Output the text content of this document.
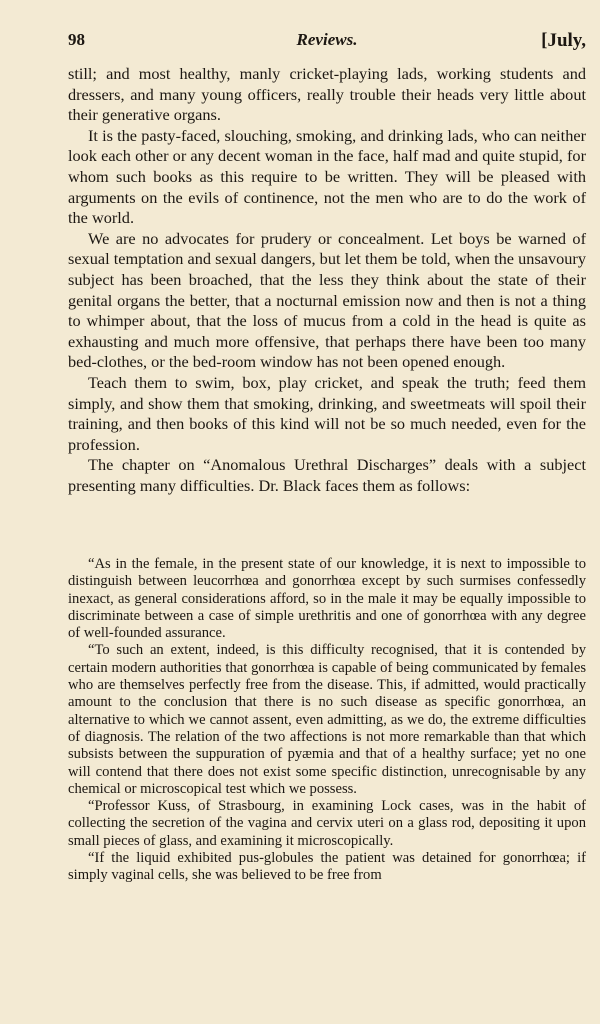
98	Reviews.	[July,

still; and most healthy, manly cricket-playing lads, working students and dressers, and many young officers, really trouble their heads very little about their generative organs.

It is the pasty-faced, slouching, smoking, and drinking lads, who can neither look each other or any decent woman in the face, half mad and quite stupid, for whom such books as this require to be written. They will be pleased with arguments on the evils of continence, not the men who are to do the work of the world.

We are no advocates for prudery or concealment. Let boys be warned of sexual temptation and sexual dangers, but let them be told, when the unsavoury subject has been broached, that the less they think about the state of their genital organs the better, that a nocturnal emission now and then is not a thing to whimper about, that the loss of mucus from a cold in the head is quite as exhausting and much more offensive, that perhaps there have been too many bed-clothes, or the bed-room window has not been opened enough.

Teach them to swim, box, play cricket, and speak the truth; feed them simply, and show them that smoking, drinking, and sweetmeats will spoil their training, and then books of this kind will not be so much needed, even for the profession.

The chapter on “Anomalous Urethral Discharges” deals with a subject presenting many difficulties. Dr. Black faces them as follows:

“As in the female, in the present state of our knowledge, it is next to impossible to distinguish between leucorrhœa and gonorrhœa except by such surmises confessedly inexact, as general considerations afford, so in the male it may be equally impossible to discriminate between a case of simple urethritis and one of gonorrhœa with any degree of well-founded assurance.

“To such an extent, indeed, is this difficulty recognised, that it is contended by certain modern authorities that gonorrhœa is capable of being communicated by females who are themselves perfectly free from the disease. This, if admitted, would practically amount to the conclusion that there is no such disease as specific gonorrhœa, an alternative to which we cannot assent, even admitting, as we do, the extreme difficulties of diagnosis. The relation of the two affections is not more remarkable than that which subsists between the suppuration of pyæmia and that of a healthy surface; yet no one will contend that there does not exist some specific distinction, unrecognisable by any chemical or microscopical test which we possess.

“Professor Kuss, of Strasbourg, in examining Lock cases, was in the habit of collecting the secretion of the vagina and cervix uteri on a glass rod, depositing it upon small pieces of glass, and examining it microscopically.

“If the liquid exhibited pus-globules the patient was detained for gonorrhœa; if simply vaginal cells, she was believed to be free from
